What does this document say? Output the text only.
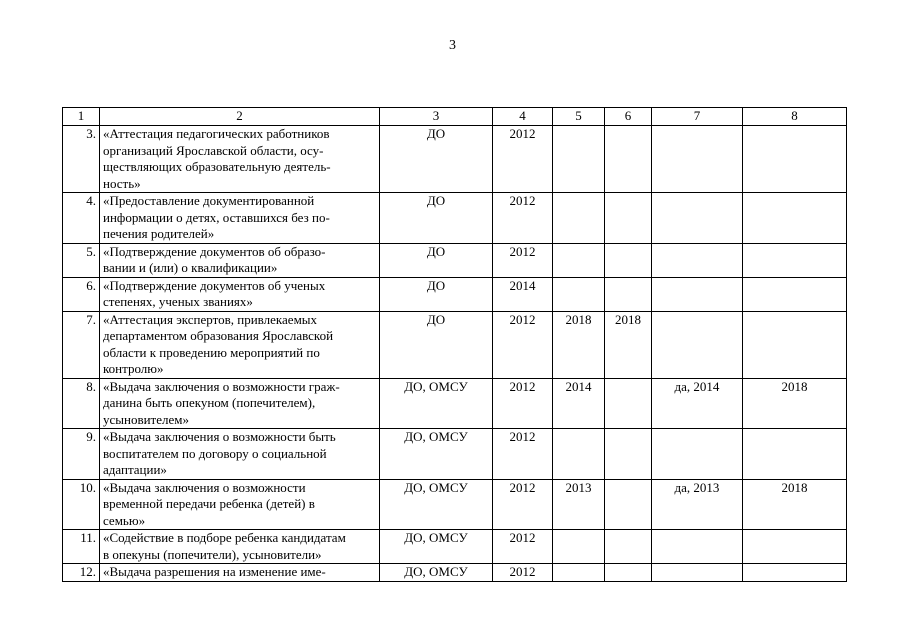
3
1	2	3	4	5	6	7	8
3.	«Аттестация педагогических работников
организаций Ярославской области, осу-
ществляющих образовательную деятель-
ность»	ДО	2012				
4.	«Предоставление документированной
информации о детях, оставшихся без по-
печения родителей»	ДО	2012				
5.	«Подтверждение документов об образо-
вании и (или) о квалификации»	ДО	2012				
6.	«Подтверждение документов об ученых
степенях, ученых званиях»	ДО	2014				
7.	«Аттестация экспертов, привлекаемых
департаментом образования Ярославской
области к проведению мероприятий по
контролю»	ДО	2012	2018	2018		
8.	«Выдача заключения о возможности граж-
данина быть опекуном (попечителем),
усыновителем»	ДО, ОМСУ	2012	2014		да, 2014	2018
9.	«Выдача заключения о возможности быть
воспитателем по договору о социальной
адаптации»	ДО, ОМСУ	2012				
10.	«Выдача заключения о возможности
временной передачи ребенка (детей) в
семью»	ДО, ОМСУ	2012	2013		да, 2013	2018
11.	«Содействие в подборе ребенка кандидатам
в опекуны (попечители), усыновители»	ДО, ОМСУ	2012				
12.	«Выдача разрешения на изменение име-	ДО, ОМСУ	2012				
